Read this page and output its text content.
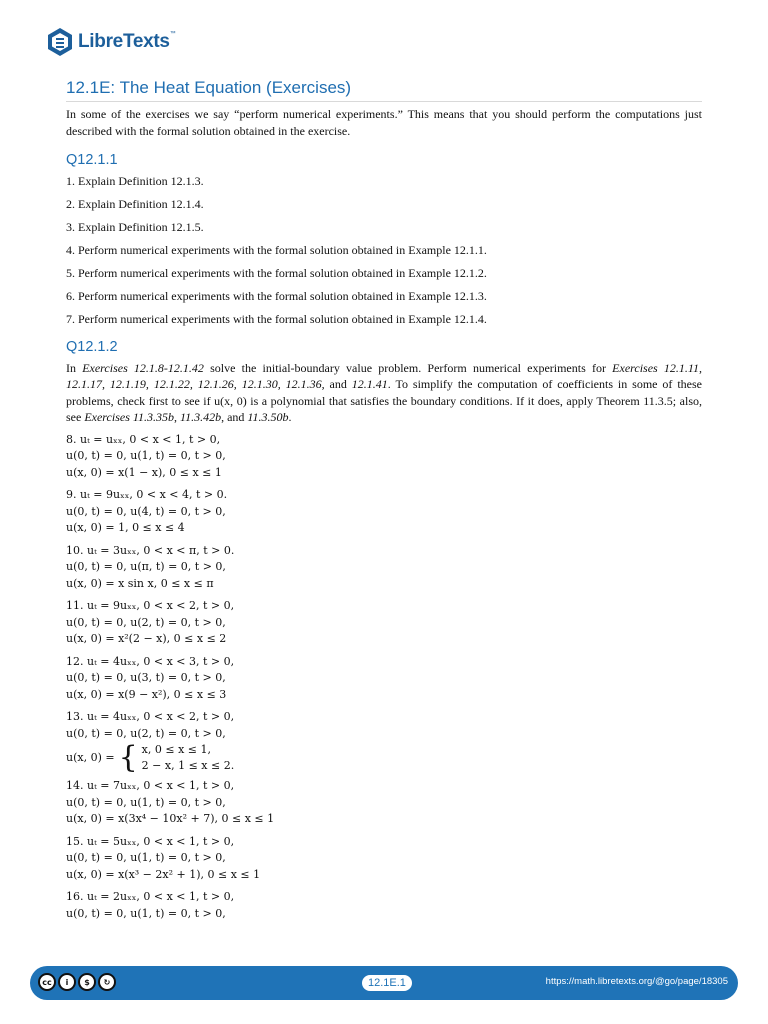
LibreTexts™
12.1E: The Heat Equation (Exercises)

In some of the exercises we say “perform numerical experiments.” This means that you should perform the computations just described with the formal solution obtained in the exercise.

Q12.1.1

1. Explain Definition 12.1.3.

2. Explain Definition 12.1.4.

3. Explain Definition 12.1.5.

4. Perform numerical experiments with the formal solution obtained in Example 12.1.1.

5. Perform numerical experiments with the formal solution obtained in Example 12.1.2.

6. Perform numerical experiments with the formal solution obtained in Example 12.1.3.

7. Perform numerical experiments with the formal solution obtained in Example 12.1.4.

Q12.1.2

In Exercises 12.1.8-12.1.42 solve the initial-boundary value problem. Perform numerical experiments for Exercises 12.1.11, 12.1.17, 12.1.19, 12.1.22, 12.1.26, 12.1.30, 12.1.36, and 12.1.41. To simplify the computation of coefficients in some of these problems, check first to see if u(x, 0) is a polynomial that satisfies the boundary conditions. If it does, apply Theorem 11.3.5; also, see Exercises 11.3.35b, 11.3.42b, and 11.3.50b.

8. uₜ = uₓₓ, 0 < x < 1, t > 0,
u(0, t) = 0, u(1, t) = 0, t > 0,
u(x, 0) = x(1 − x), 0 ≤ x ≤ 1
9. uₜ = 9uₓₓ, 0 < x < 4, t > 0.
u(0, t) = 0, u(4, t) = 0, t > 0,
u(x, 0) = 1, 0 ≤ x ≤ 4
10. uₜ = 3uₓₓ, 0 < x < π, t > 0.
u(0, t) = 0, u(π, t) = 0, t > 0,
u(x, 0) = x sin x, 0 ≤ x ≤ π
11. uₜ = 9uₓₓ, 0 < x < 2, t > 0,
u(0, t) = 0, u(2, t) = 0, t > 0,
u(x, 0) = x²(2 − x), 0 ≤ x ≤ 2
12. uₜ = 4uₓₓ, 0 < x < 3, t > 0,
u(0, t) = 0, u(3, t) = 0, t > 0,
u(x, 0) = x(9 − x²), 0 ≤ x ≤ 3
13. uₜ = 4uₓₓ, 0 < x < 2, t > 0,
u(0, t) = 0, u(2, t) = 0, t > 0,
u(x, 0) = { x, 0 ≤ x ≤ 1,
2 − x, 1 ≤ x ≤ 2.
14. uₜ = 7uₓₓ, 0 < x < 1, t > 0,
u(0, t) = 0, u(1, t) = 0, t > 0,
u(x, 0) = x(3x⁴ − 10x² + 7), 0 ≤ x ≤ 1
15. uₜ = 5uₓₓ, 0 < x < 1, t > 0,
u(0, t) = 0, u(1, t) = 0, t > 0,
u(x, 0) = x(x³ − 2x² + 1), 0 ≤ x ≤ 1
16. uₜ = 2uₓₓ, 0 < x < 1, t > 0,
u(0, t) = 0, u(1, t) = 0, t > 0,
cc	i	$	↻	12.1E.1	https://math.libretexts.org/@go/page/18305
